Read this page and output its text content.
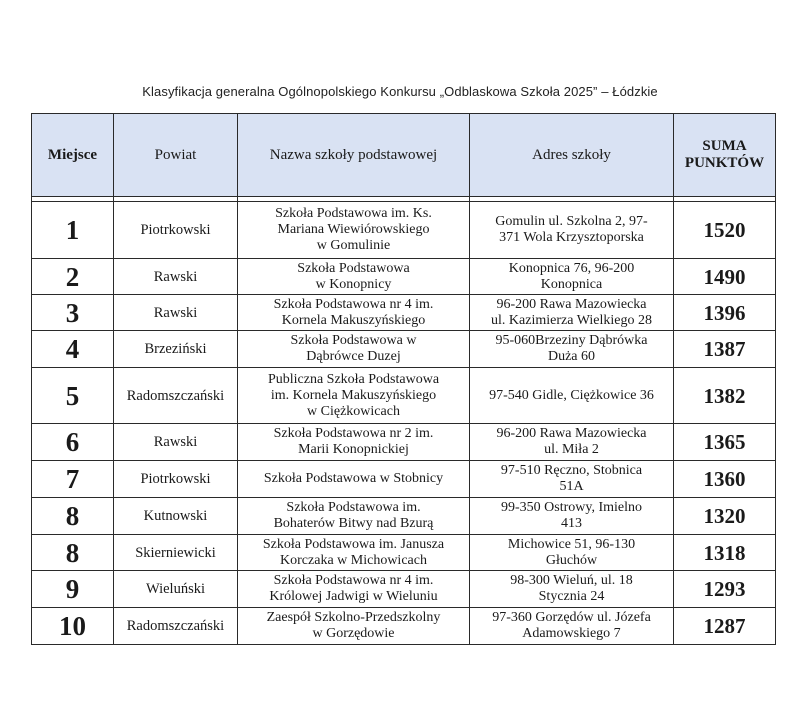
Klasyfikacja generalna Ogólnopolskiego Konkursu „Odblaskowa Szkoła 2025” – Łódzkie
Miejsce	Powiat	Nazwa szkoły podstawowej	Adres szkoły	SUMA
PUNKTÓW

1	Piotrkowski	Szkoła Podstawowa im. Ks.
Mariana Wiewiórowskiego
w Gomulinie	Gomulin ul. Szkolna 2, 97-
371 Wola Krzysztoporska	1520
2	Rawski	Szkoła Podstawowa
w Konopnicy	Konopnica 76, 96-200
Konopnica	1490
3	Rawski	Szkoła Podstawowa nr 4 im.
Kornela Makuszyńskiego	96-200 Rawa Mazowiecka
ul. Kazimierza Wielkiego 28	1396
4	Brzeziński	Szkoła Podstawowa w
Dąbrówce Duzej	95-060Brzeziny Dąbrówka
Duża 60	1387
5	Radomszczański	Publiczna Szkoła Podstawowa
im. Kornela Makuszyńskiego
w Ciężkowicach	97-540 Gidle, Ciężkowice 36	1382
6	Rawski	Szkoła Podstawowa nr 2 im.
Marii Konopnickiej	96-200 Rawa Mazowiecka
ul. Miła 2	1365
7	Piotrkowski	Szkoła Podstawowa w Stobnicy	97-510 Ręczno, Stobnica
51A	1360
8	Kutnowski	Szkoła Podstawowa im.
Bohaterów Bitwy nad Bzurą	99-350 Ostrowy, Imielno
413	1320
8	Skierniewicki	Szkoła Podstawowa im. Janusza
Korczaka w Michowicach	Michowice 51, 96-130
Głuchów	1318
9	Wieluński	Szkoła Podstawowa nr 4 im.
Królowej Jadwigi w Wieluniu	98-300 Wieluń, ul. 18
Stycznia 24	1293
10	Radomszczański	Zaespół Szkolno-Przedszkolny
w Gorzędowie	97-360 Gorzędów ul. Józefa
Adamowskiego 7	1287
